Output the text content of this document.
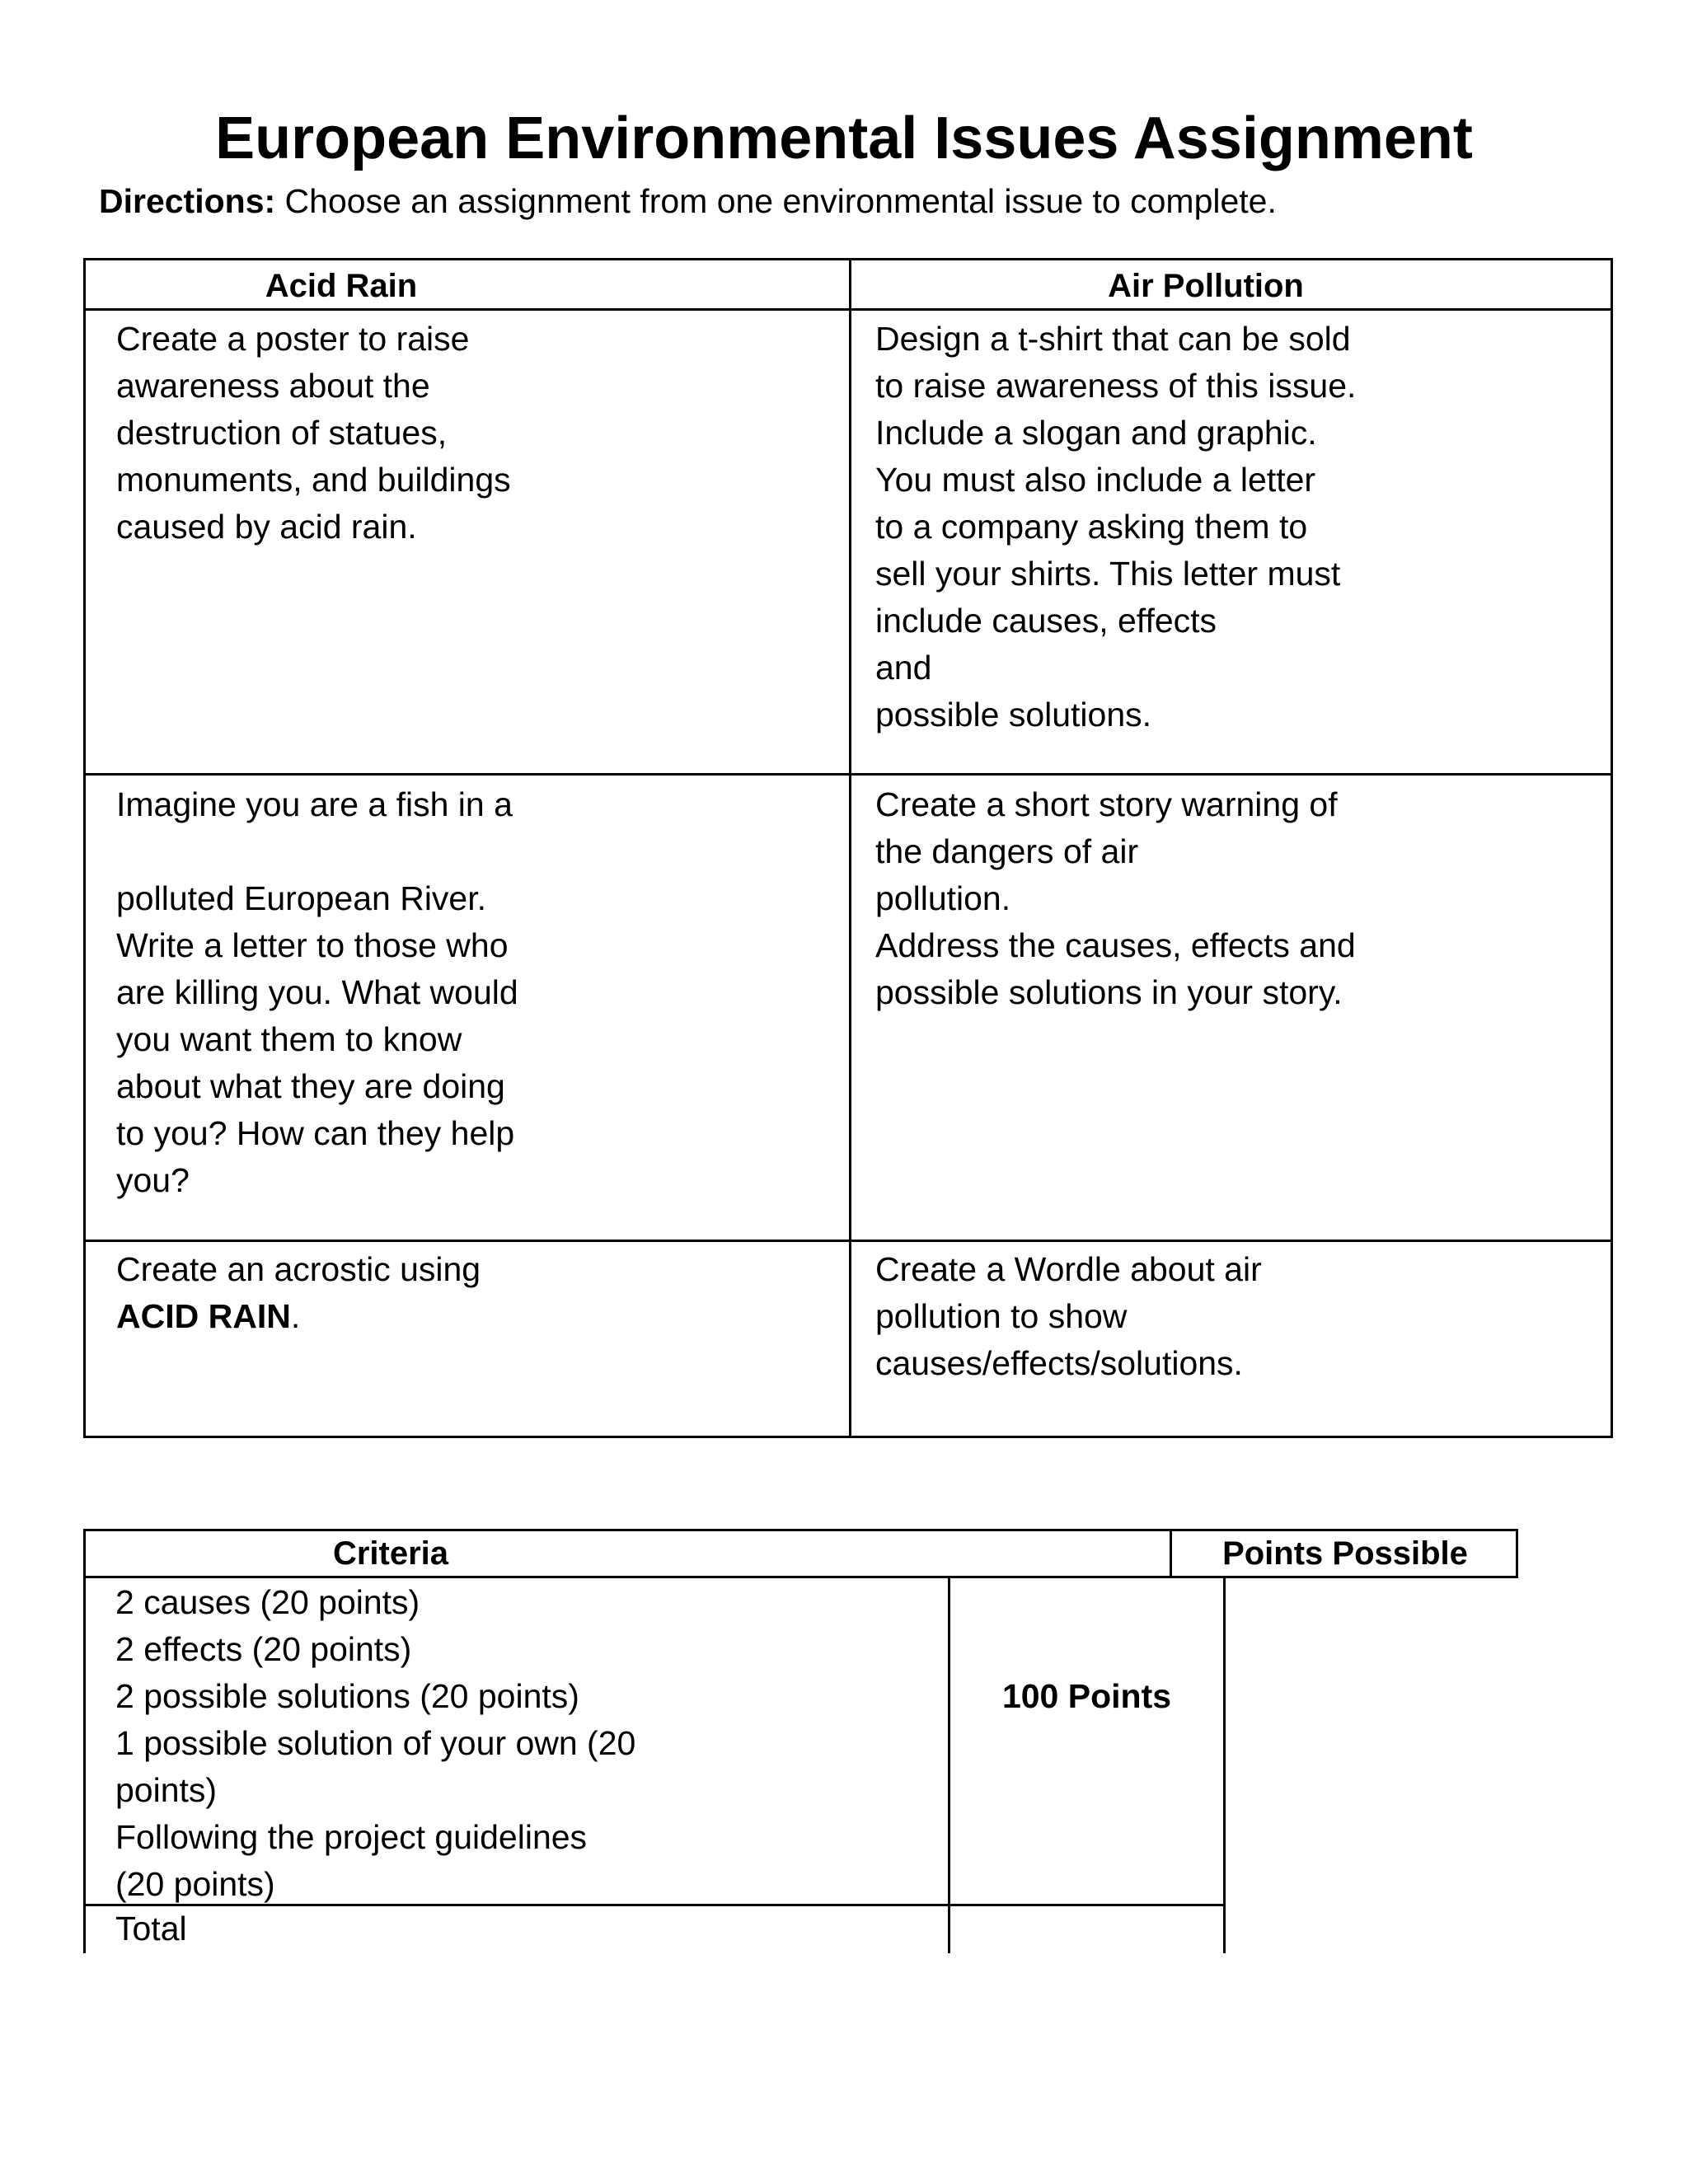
European Environmental Issues Assignment
Directions: Choose an assignment from one environmental issue to complete.
Acid Rain	Air Pollution
Create a poster to raise
awareness about the
destruction of statues,
monuments, and buildings
caused by acid rain.
Design a t-shirt that can be sold
to raise awareness of this issue.
Include a slogan and graphic.
You must also include a letter
to a company asking them to
sell your shirts. This letter must
include causes, effects
and
possible solutions.
Imagine you are a fish in a

polluted European River.
Write a letter to those who
are killing you. What would
you want them to know
about what they are doing
to you? How can they help
you?
Create a short story warning of
the dangers of air
pollution.
Address the causes, effects and
possible solutions in your story.
Create an acrostic using
ACID RAIN.
Create a Wordle about air
pollution to show
causes/effects/solutions.
Criteria	Points Possible
2 causes (20 points)
2 effects (20 points)
2 possible solutions (20 points)
1 possible solution of your own (20
points)
Following the project guidelines
(20 points)
100 Points
Total
